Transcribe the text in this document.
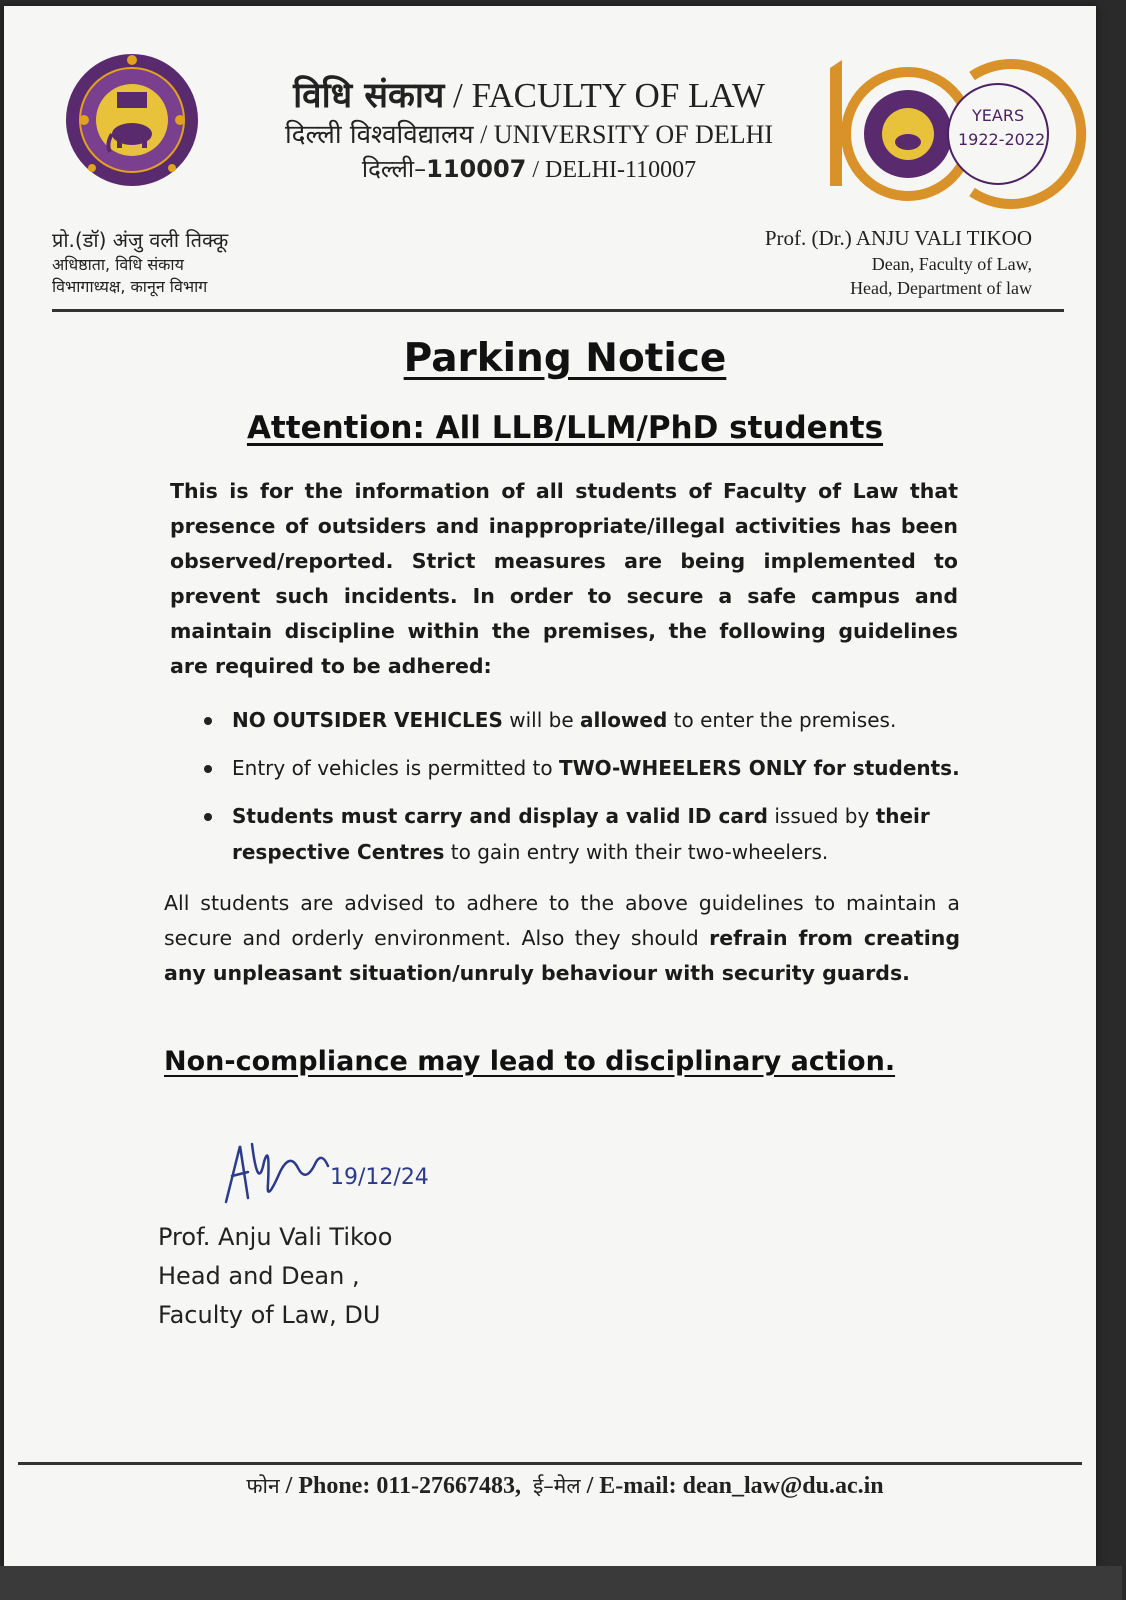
YEARS
1922-2022
विधि संकाय / FACULTY OF LAW
दिल्ली विश्वविद्यालय / UNIVERSITY OF DELHI
दिल्ली–110007 / DELHI-110007
प्रो.(डॉ) अंजु वली तिक्कू
अधिष्ठाता, विधि संकाय
विभागाध्यक्ष, कानून विभाग
Prof. (Dr.) ANJU VALI TIKOO
Dean, Faculty of Law,
Head, Department of law
Parking Notice
Attention: All LLB/LLM/PhD students
This is for the information of all students of Faculty of Law that presence of outsiders and inappropriate/illegal activities has been observed/reported. Strict measures are being implemented to prevent such incidents. In order to secure a safe campus and maintain discipline within the premises, the following guidelines are required to be adhered:
NO OUTSIDER VEHICLES will be allowed to enter the premises.
Entry of vehicles is permitted to TWO-WHEELERS ONLY for students.
Students must carry and display a valid ID card issued by their respective Centres to gain entry with their two-wheelers.
All students are advised to adhere to the above guidelines to maintain a secure and orderly environment. Also they should refrain from creating any unpleasant situation/unruly behaviour with security guards.
Non-compliance may lead to disciplinary action.
19/12/24
Prof. Anju Vali Tikoo
Head and Dean ,
Faculty of Law, DU
फोन / Phone: 011-27667483, ई–मेल / E-mail: dean_law@du.ac.in
